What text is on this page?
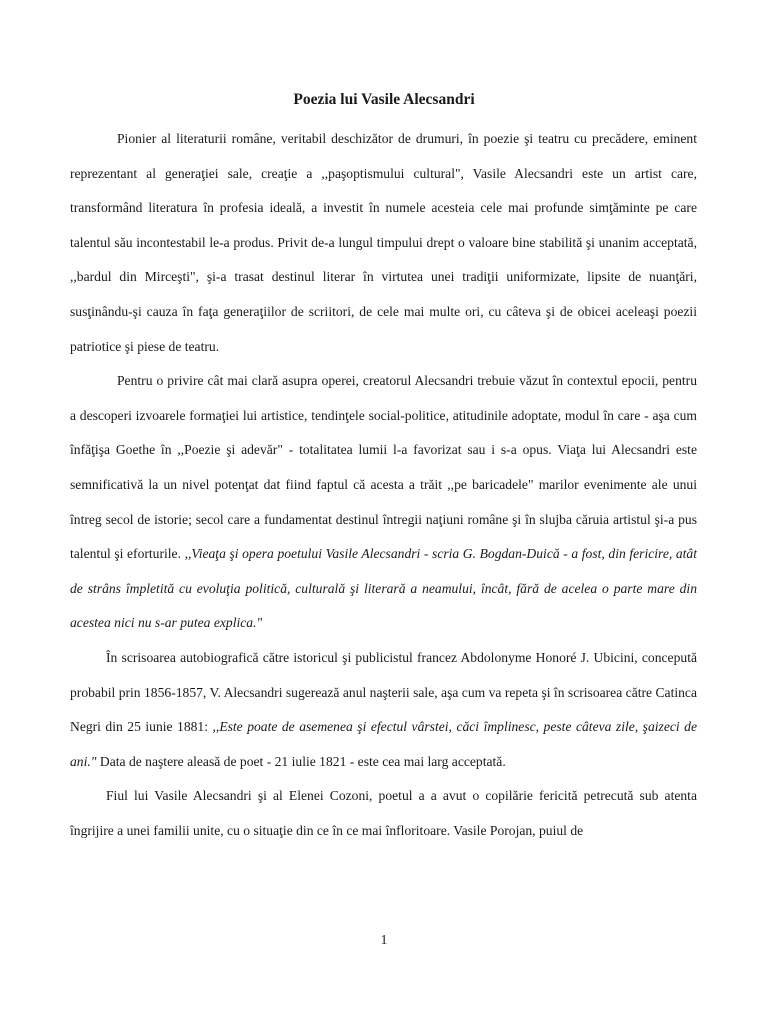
Poezia lui Vasile Alecsandri

Pionier al literaturii române, veritabil deschizător de drumuri, în poezie şi teatru cu precădere, eminent reprezentant al generaţiei sale, creaţie a ,,paşoptismului cultural", Vasile Alecsandri este un artist care, transformând literatura în profesia ideală, a investit în numele acesteia cele mai profunde simţăminte pe care talentul său incontestabil le-a produs. Privit de-a lungul timpului drept o valoare bine stabilită şi unanim acceptată, ,,bardul din Mirceşti", şi-a trasat destinul literar în virtutea unei tradiţii uniformizate, lipsite de nuanţări, susţinându-şi cauza în faţa generaţiilor de scriitori, de cele mai multe ori, cu câteva şi de obicei aceleaşi poezii patriotice şi piese de teatru.

Pentru o privire cât mai clară asupra operei, creatorul Alecsandri trebuie văzut în contextul epocii, pentru a descoperi izvoarele formaţiei lui artistice, tendinţele social-politice, atitudinile adoptate, modul în care - aşa cum înfăţişa Goethe în ,,Poezie şi adevăr" - totalitatea lumii l-a favorizat sau i s-a opus. Viaţa lui Alecsandri este semnificativă la un nivel potenţat dat fiind faptul că acesta a trăit ,,pe baricadele" marilor evenimente ale unui întreg secol de istorie; secol care a fundamentat destinul întregii naţiuni române şi în slujba căruia artistul şi-a pus talentul şi eforturile. ,,Vieaţa şi opera poetului Vasile Alecsandri - scria G. Bogdan-Duică - a fost, din fericire, atât de strâns împletită cu evoluţia politică, culturală şi literară a neamului, încât, fără de acelea o parte mare din acestea nici nu s-ar putea explica."

În scrisoarea autobiografică către istoricul şi publicistul francez Abdolonyme Honoré J. Ubicini, concepută probabil prin 1856-1857, V. Alecsandri sugerează anul naşterii sale, aşa cum va repeta şi în scrisoarea către Catinca Negri din 25 iunie 1881: ,,Este poate de asemenea şi efectul vârstei, căci împlinesc, peste câteva zile, şaizeci de ani." Data de naştere aleasă de poet - 21 iulie 1821 - este cea mai larg acceptată.

Fiul lui Vasile Alecsandri şi al Elenei Cozoni, poetul a a avut o copilărie fericită petrecută sub atenta îngrijire a unei familii unite, cu o situaţie din ce în ce mai înfloritoare. Vasile Porojan, puiul de

1
